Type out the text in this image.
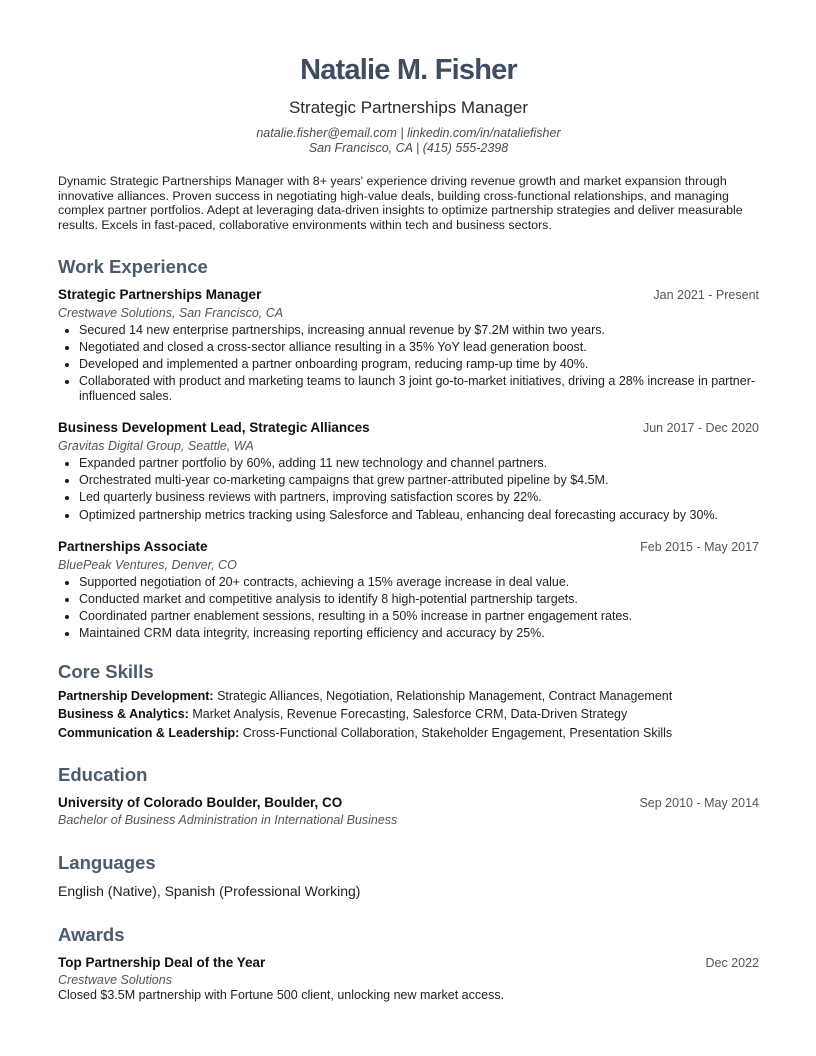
Natalie M. Fisher
Strategic Partnerships Manager
natalie.fisher@email.com | linkedin.com/in/nataliefisher
San Francisco, CA | (415) 555-2398
Dynamic Strategic Partnerships Manager with 8+ years' experience driving revenue growth and market expansion through innovative alliances. Proven success in negotiating high-value deals, building cross-functional relationships, and managing complex partner portfolios. Adept at leveraging data-driven insights to optimize partnership strategies and deliver measurable results. Excels in fast-paced, collaborative environments within tech and business sectors.
Work Experience
Strategic Partnerships Manager	Jan 2021 - Present
Crestwave Solutions, San Francisco, CA
• Secured 14 new enterprise partnerships, increasing annual revenue by $7.2M within two years.
• Negotiated and closed a cross-sector alliance resulting in a 35% YoY lead generation boost.
• Developed and implemented a partner onboarding program, reducing ramp-up time by 40%.
• Collaborated with product and marketing teams to launch 3 joint go-to-market initiatives, driving a 28% increase in partner-influenced sales.
Business Development Lead, Strategic Alliances	Jun 2017 - Dec 2020
Gravitas Digital Group, Seattle, WA
• Expanded partner portfolio by 60%, adding 11 new technology and channel partners.
• Orchestrated multi-year co-marketing campaigns that grew partner-attributed pipeline by $4.5M.
• Led quarterly business reviews with partners, improving satisfaction scores by 22%.
• Optimized partnership metrics tracking using Salesforce and Tableau, enhancing deal forecasting accuracy by 30%.
Partnerships Associate	Feb 2015 - May 2017
BluePeak Ventures, Denver, CO
• Supported negotiation of 20+ contracts, achieving a 15% average increase in deal value.
• Conducted market and competitive analysis to identify 8 high-potential partnership targets.
• Coordinated partner enablement sessions, resulting in a 50% increase in partner engagement rates.
• Maintained CRM data integrity, increasing reporting efficiency and accuracy by 25%.
Core Skills
Partnership Development: Strategic Alliances, Negotiation, Relationship Management, Contract Management
Business & Analytics: Market Analysis, Revenue Forecasting, Salesforce CRM, Data-Driven Strategy
Communication & Leadership: Cross-Functional Collaboration, Stakeholder Engagement, Presentation Skills
Education
University of Colorado Boulder, Boulder, CO	Sep 2010 - May 2014
Bachelor of Business Administration in International Business
Languages
English (Native), Spanish (Professional Working)
Awards
Top Partnership Deal of the Year	Dec 2022
Crestwave Solutions
Closed $3.5M partnership with Fortune 500 client, unlocking new market access.
